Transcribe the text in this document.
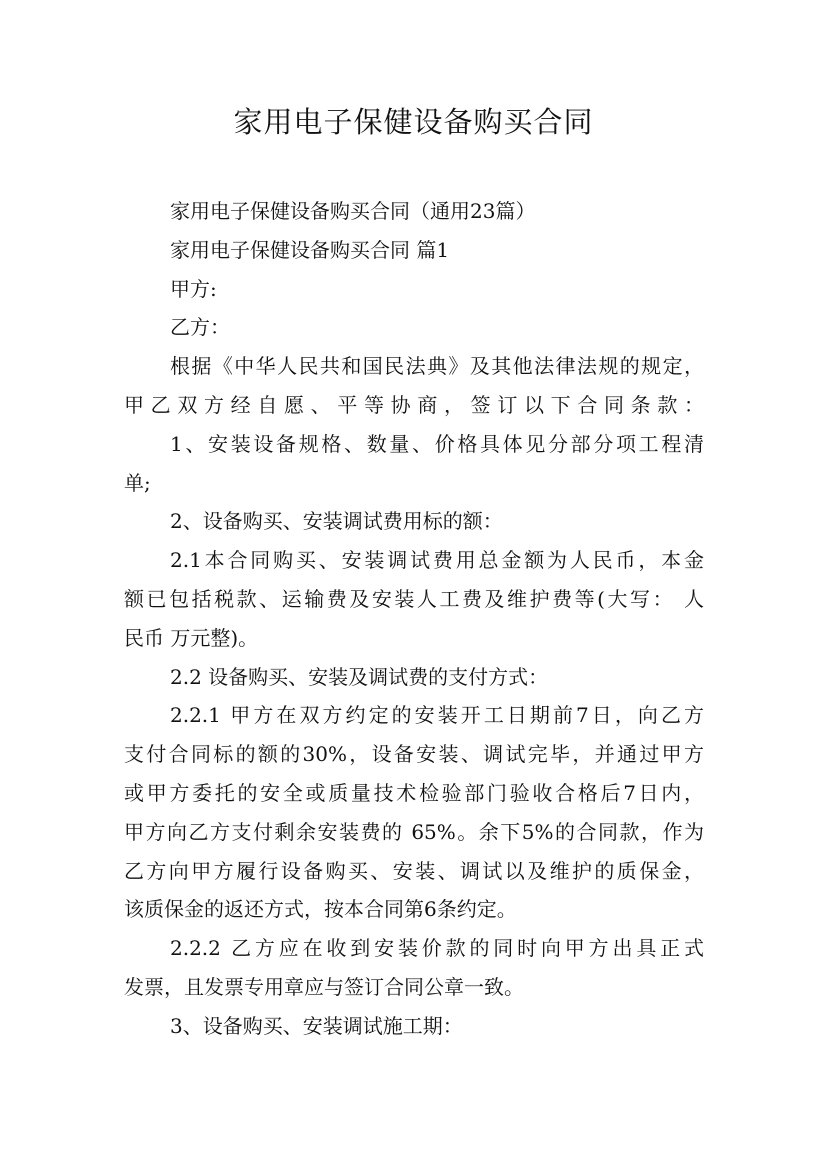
家用电子保健设备购买合同

家用电子保健设备购买合同（通用23篇）

家用电子保健设备购买合同 篇1

甲方:

乙方：

根据《中华人民共和国民法典》及其他法律法规的规定，

甲乙双方经自愿、平等协商，签订以下合同条款：

1、安装设备规格、数量、价格具体见分部分项工程清

单;

2、设备购买、安装调试费用标的额：

2.1本合同购买、安装调试费用总金额为人民币，本金

额已包括税款、运输费及安装人工费及维护费等(大写： 人

民币 万元整)。

2.2 设备购买、安装及调试费的支付方式：

2.2.1 甲方在双方约定的安装开工日期前7日，向乙方

支付合同标的额的30%，设备安装、调试完毕，并通过甲方

或甲方委托的安全或质量技术检验部门验收合格后7日内，

甲方向乙方支付剩余安装费的 65%。余下5%的合同款，作为

乙方向甲方履行设备购买、安装、调试以及维护的质保金，

该质保金的返还方式，按本合同第6条约定。

2.2.2 乙方应在收到安装价款的同时向甲方出具正式

发票，且发票专用章应与签订合同公章一致。

3、设备购买、安装调试施工期：
